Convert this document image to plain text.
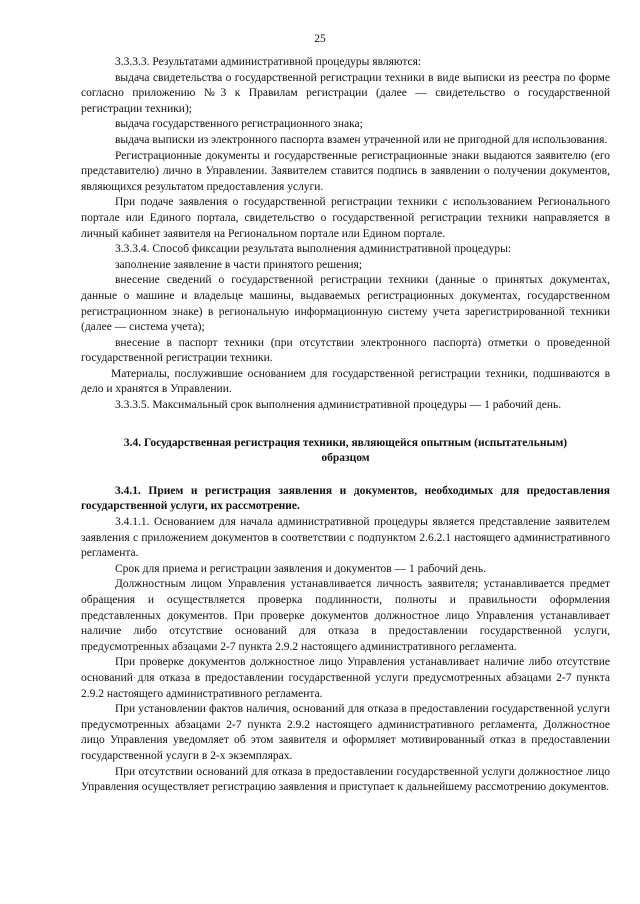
25

3.3.3.3. Результатами административной процедуры являются:

выдача свидетельства о государственной регистрации техники в виде выписки из реестра по форме согласно приложению №3 к Правилам регистрации (далее — свидетельство о государственной регистрации техники);

выдача государственного регистрационного знака;

выдача выписки из электронного паспорта взамен утраченной или не пригодной для использования.

Регистрационные документы и государственные регистрационные знаки выдаются заявителю (его представителю) лично в Управлении. Заявителем ставится подпись в заявлении о получении документов, являющихся результатом предоставления услуги.

При подаче заявления о государственной регистрации техники с использованием Регионального портале или Единого портала, свидетельство о государственной регистрации техники направляется в личный кабинет заявителя на Региональном портале или Едином портале.

3.3.3.4. Способ фиксации результата выполнения административной процедуры:

заполнение заявление в части принятого решения;

внесение сведений о государственной регистрации техники (данные о принятых документах, данные о машине и владельце машины, выдаваемых регистрационных документах, государственном регистрационном знаке) в региональную информационную систему учета зарегистрированной техники (далее — система учета);

внесение в паспорт техники (при отсутствии электронного паспорта) отметки о проведенной государственной регистрации техники.

Материалы, послужившие основанием для государственной регистрации техники, подшиваются в дело и хранятся в Управлении.

3.3.3.5. Максимальный срок выполнения административной процедуры — 1 рабочий день.

3.4. Государственная регистрация техники, являющейся опытным (испытательным) образцом

3.4.1. Прием и регистрация заявления и документов, необходимых для предоставления государственной услуги, их рассмотрение.

3.4.1.1. Основанием для начала административной процедуры является представление заявителем заявления с приложением документов в соответствии с подпунктом 2.6.2.1 настоящего административного регламента.

Срок для приема и регистрации заявления и документов — 1 рабочий день.

Должностным лицом Управления устанавливается личность заявителя; устанавливается предмет обращения и осуществляется проверка подлинности, полноты и правильности оформления представленных документов. При проверке документов должностное лицо Управления устанавливает наличие либо отсутствие оснований для отказа в предоставлении государственной услуги, предусмотренных абзацами 2-7 пункта 2.9.2 настоящего административного регламента.

При проверке документов должностное лицо Управления устанавливает наличие либо отсутствие оснований для отказа в предоставлении государственной услуги предусмотренных абзацами 2-7 пункта 2.9.2 настоящего административного регламента.

При установлении фактов наличия, оснований для отказа в предоставлении государственной услуги предусмотренных абзацами 2-7 пункта 2.9.2 настоящего административного регламента, Должностное лицо Управления уведомляет об этом заявителя и оформляет мотивированный отказ в предоставлении государственной услуги в 2-х экземплярах.

При отсутствии оснований для отказа в предоставлении государственной услуги должностное лицо Управления осуществляет регистрацию заявления и приступает к дальнейшему рассмотрению документов.
